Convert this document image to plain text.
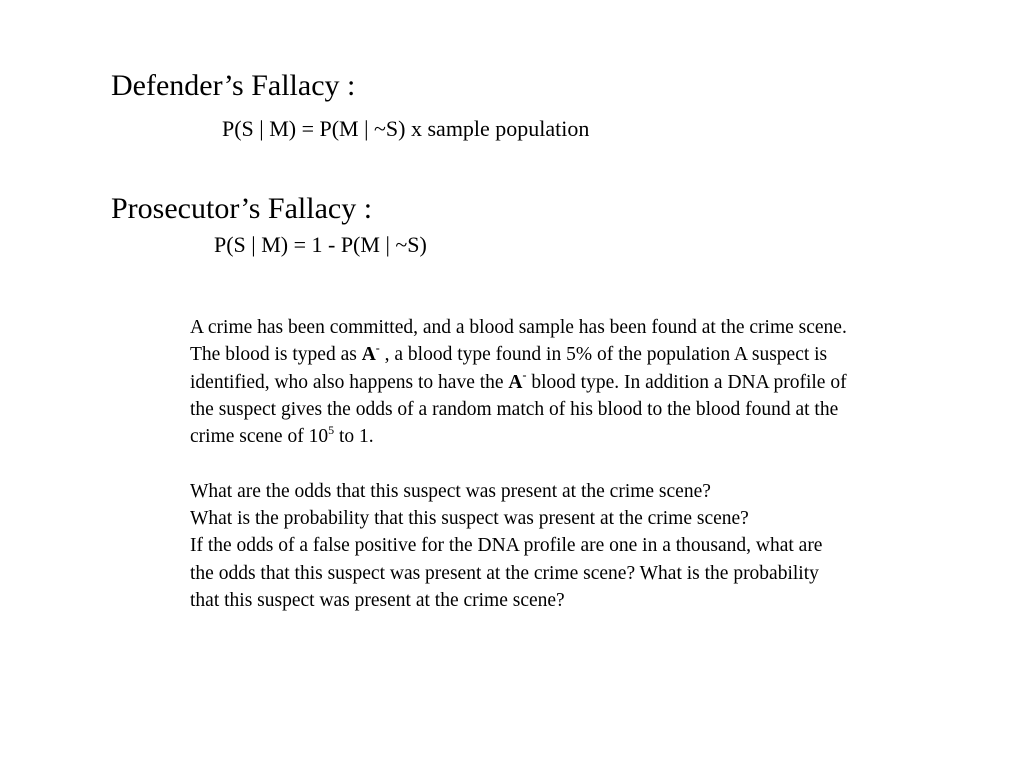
Defender’s Fallacy :
P(S | M) = P(M | ~S) x sample population
Prosecutor’s Fallacy :
P(S | M) = 1 - P(M | ~S)

A crime has been committed, and a blood sample has been found at the crime scene. The blood is typed as A- , a blood type found in 5% of the population A suspect is identified, who also happens to have the A- blood type. In addition a DNA profile of the suspect gives the odds of a random match of his blood to the blood found at the crime scene of $10^5$ to 1.

What are the odds that this suspect was present at the crime scene?

What is the probability that this suspect was present at the crime scene?

If the odds of a false positive for the DNA profile are one in a thousand, what are the odds that this suspect was present at the crime scene? What is the probability that this suspect was present at the crime scene?
